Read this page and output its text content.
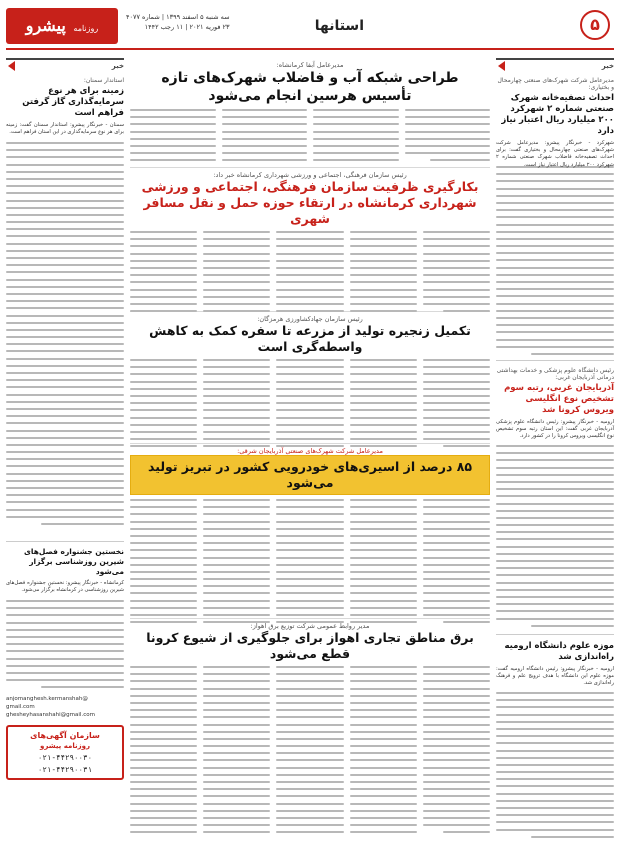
۵
استانها
سه شنبه ۵ اسفند ۱۳۹۹ | شماره ۴۰۷۷
۲۳ فوریه ۲۰۲۱ | ۱۱ رجب ۱۴۴۲
روزنامه پیشرو
خبر
مدیرعامل شرکت شهرک‌های صنعتی چهارمحال و بختیاری:
احداث تصفیه‌خانه شهرک صنعتی شماره ۲ شهرکرد ۲۰۰ میلیارد ریال اعتبار نیاز دارد
شهرکرد - خبرنگار پیشرو: مدیرعامل شرکت شهرک‌های صنعتی چهارمحال و بختیاری گفت: برای احداث تصفیه‌خانه فاضلاب شهرک صنعتی شماره ۲ شهرکرد ۲۰۰ میلیارد ریال اعتبار نیاز است.
رئیس دانشگاه علوم پزشکی و خدمات بهداشتی درمانی آذربایجان غربی:
آذربایجان غربی، رتبه سوم تشخیص نوع انگلیسی ویروس کرونا شد
ارومیه - خبرنگار پیشرو: رئیس دانشگاه علوم پزشکی آذربایجان غربی گفت: این استان رتبه سوم تشخیص نوع انگلیسی ویروس کرونا را در کشور دارد.
موزه علوم دانشگاه ارومیه راه‌اندازی شد
ارومیه - خبرنگار پیشرو: رئیس دانشگاه ارومیه گفت: موزه علوم این دانشگاه با هدف ترویج علم و فرهنگ راه‌اندازی شد.
خبر
استاندار سمنان:
زمینه برای هر نوع سرمایه‌گذاری گاز گرفتن فراهم است
سمنان - خبرنگار پیشرو: استاندار سمنان گفت: زمینه برای هر نوع سرمایه‌گذاری در این استان فراهم است.
نخستین جشنواره فصل‌های شیرین روزشناسی برگزار می‌شود
کرمانشاه - خبرنگار پیشرو: نخستین جشنواره فصل‌های شیرین روزشناسی در کرمانشاه برگزار می‌شود.
anjomanghesh.kermanshah@
gmail.com
ghesheyhasanshahi@gmail.com
سازمان آگهی‌های
روزنامه پیشرو
۰۲۱-۴۴۲۹۰۰۳۰
۰۲۱-۴۴۲۹۰۰۳۱
مدیرعامل آبفا کرمانشاه:
طراحی شبکه آب و فاضلاب شهرک‌های تازه تأسیس هرسین انجام می‌شود
رئیس سازمان فرهنگی، اجتماعی و ورزشی شهرداری کرمانشاه خبر داد:
بکارگیری ظرفیت سازمان فرهنگی، اجتماعی و ورزشی شهرداری کرمانشاه در ارتقاء حوزه حمل و نقل مسافر شهری
رئیس سازمان جهادکشاورزی هرمزگان:
تکمیل زنجیره تولید از مزرعه تا سفره کمک به کاهش واسطه‌گری است
مدیرعامل شرکت شهرک‌های صنعتی آذربایجان شرقی:
۸۵ درصد از اسیری‌های خودرویی کشور در تبریز تولید می‌شود
مدیر روابط عمومی شرکت توزیع برق اهواز:
برق مناطق تجاری اهواز برای جلوگیری از شیوع کرونا قطع می‌شود
